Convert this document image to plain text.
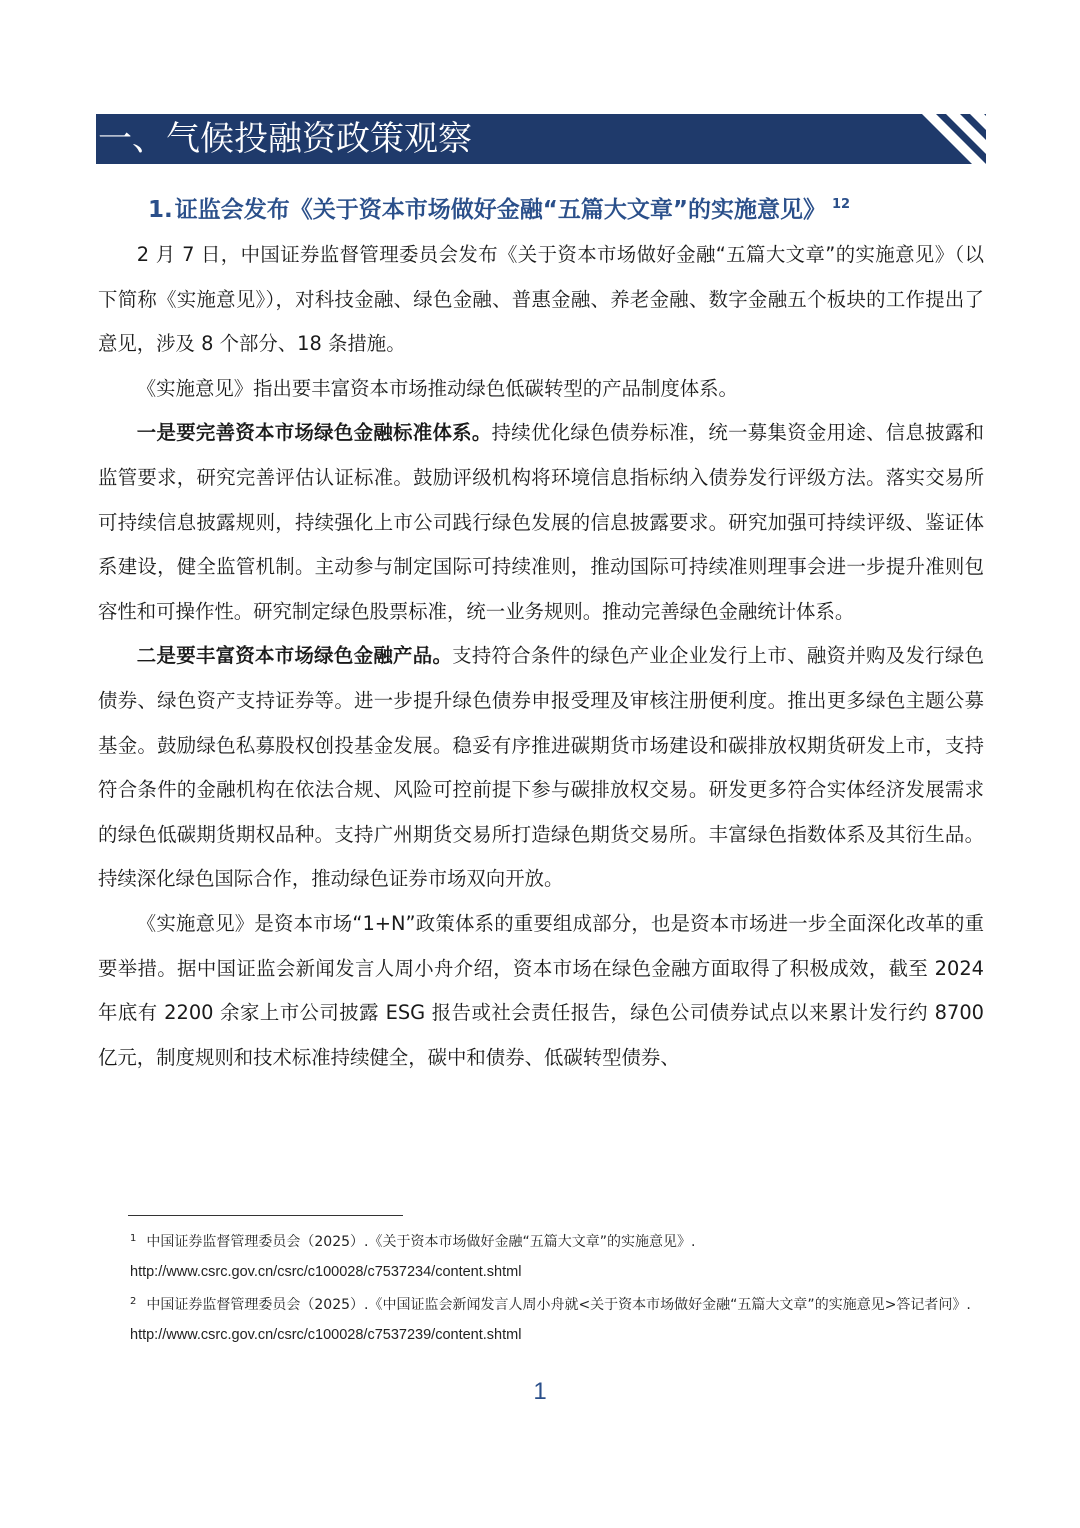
一、气候投融资政策观察
1.证监会发布《关于资本市场做好金融“五篇大文章”的实施意见》 $^{12}$

2 月 7 日，中国证券监督管理委员会发布《关于资本市场做好金融“五篇大文章”的实施意见》（以下简称《实施意见》），对科技金融、绿色金融、普惠金融、养老金融、数字金融五个板块的工作提出了意见，涉及 8 个部分、18 条措施。

《实施意见》指出要丰富资本市场推动绿色低碳转型的产品制度体系。

一是要完善资本市场绿色金融标准体系。持续优化绿色债券标准，统一募集资金用途、信息披露和监管要求，研究完善评估认证标准。鼓励评级机构将环境信息指标纳入债券发行评级方法。落实交易所可持续信息披露规则，持续强化上市公司践行绿色发展的信息披露要求。研究加强可持续评级、鉴证体系建设，健全监管机制。主动参与制定国际可持续准则，推动国际可持续准则理事会进一步提升准则包容性和可操作性。研究制定绿色股票标准，统一业务规则。推动完善绿色金融统计体系。

二是要丰富资本市场绿色金融产品。支持符合条件的绿色产业企业发行上市、融资并购及发行绿色债券、绿色资产支持证券等。进一步提升绿色债券申报受理及审核注册便利度。推出更多绿色主题公募基金。鼓励绿色私募股权创投基金发展。稳妥有序推进碳期货市场建设和碳排放权期货研发上市，支持符合条件的金融机构在依法合规、风险可控前提下参与碳排放权交易。研发更多符合实体经济发展需求的绿色低碳期货期权品种。支持广州期货交易所打造绿色期货交易所。丰富绿色指数体系及其衍生品。持续深化绿色国际合作，推动绿色证券市场双向开放。

《实施意见》是资本市场“1+N”政策体系的重要组成部分，也是资本市场进一步全面深化改革的重要举措。据中国证监会新闻发言人周小舟介绍，资本市场在绿色金融方面取得了积极成效，截至 2024 年底有 2200 余家上市公司披露 ESG 报告或社会责任报告，绿色公司债券试点以来累计发行约 8700 亿元，制度规则和技术标准持续健全，碳中和债券、低碳转型债券、

$^1$ 中国证券监督管理委员会（2025）.《关于资本市场做好金融“五篇大文章”的实施意见》.
http://www.csrc.gov.cn/csrc/c100028/c7537234/content.shtml
$^2$ 中国证券监督管理委员会（2025）.《中国证监会新闻发言人周小舟就<关于资本市场做好金融“五篇大文章”的实施意见>答记者问》.
http://www.csrc.gov.cn/csrc/c100028/c7537239/content.shtml
1
